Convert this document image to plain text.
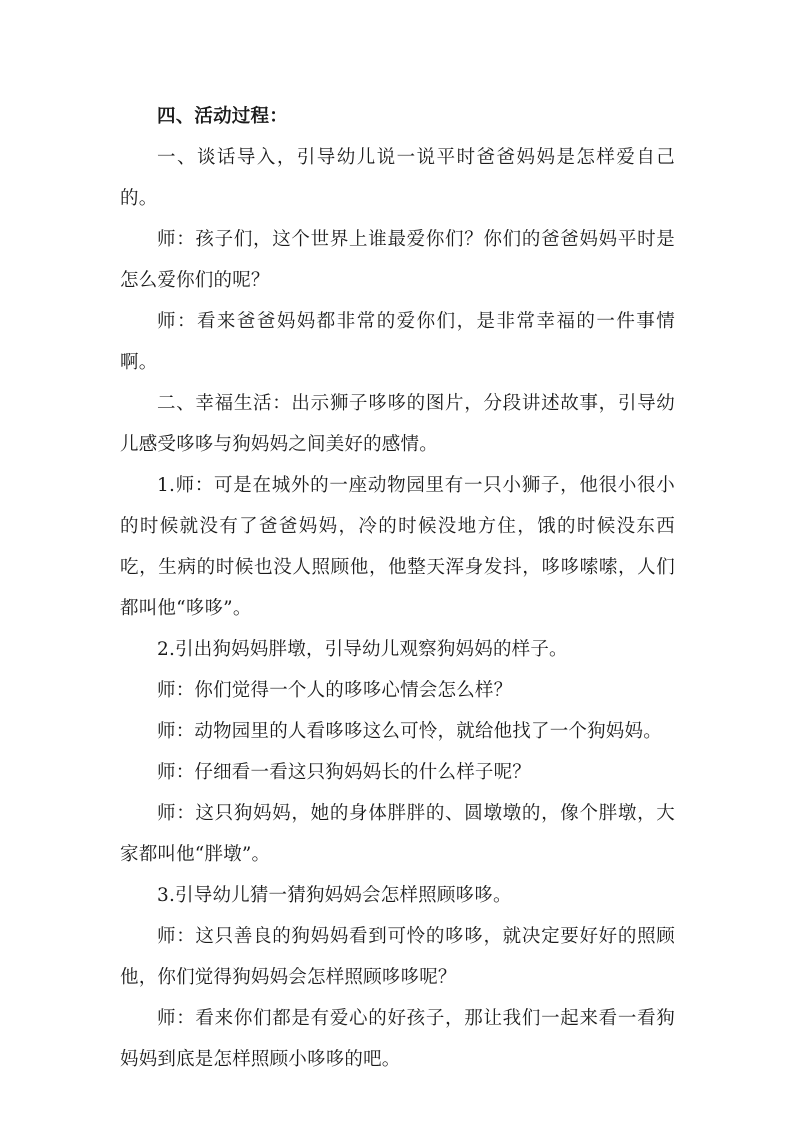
四、活动过程：

一、谈话导入，引导幼儿说一说平时爸爸妈妈是怎样爱自己的。

师：孩子们，这个世界上谁最爱你们？你们的爸爸妈妈平时是怎么爱你们的呢？

师：看来爸爸妈妈都非常的爱你们，是非常幸福的一件事情啊。

二、幸福生活：出示狮子哆哆的图片，分段讲述故事，引导幼儿感受哆哆与狗妈妈之间美好的感情。

1.师：可是在城外的一座动物园里有一只小狮子，他很小很小的时候就没有了爸爸妈妈，冷的时候没地方住，饿的时候没东西吃，生病的时候也没人照顾他，他整天浑身发抖，哆哆嗦嗦，人们都叫他“哆哆”。

2.引出狗妈妈胖墩，引导幼儿观察狗妈妈的样子。

师：你们觉得一个人的哆哆心情会怎么样？

师：动物园里的人看哆哆这么可怜，就给他找了一个狗妈妈。

师：仔细看一看这只狗妈妈长的什么样子呢？

师：这只狗妈妈，她的身体胖胖的、圆墩墩的，像个胖墩，大家都叫他“胖墩”。

3.引导幼儿猜一猜狗妈妈会怎样照顾哆哆。

师：这只善良的狗妈妈看到可怜的哆哆，就决定要好好的照顾他，你们觉得狗妈妈会怎样照顾哆哆呢？

师：看来你们都是有爱心的好孩子，那让我们一起来看一看狗妈妈到底是怎样照顾小哆哆的吧。
